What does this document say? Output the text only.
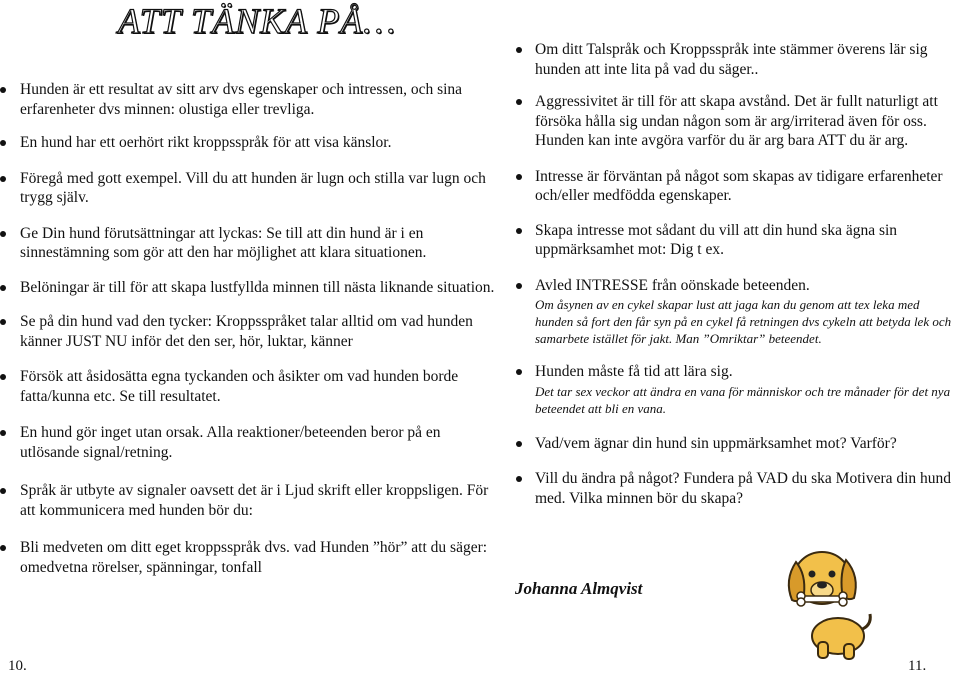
ATT TÄNKA PÅ…
Hunden är ett resultat av sitt arv dvs egenskaper och intressen, och sina erfarenheter dvs minnen: olustiga eller trevliga.
En hund har ett oerhört rikt kroppsspråk för att visa känslor.
Föregå med gott exempel. Vill du att hunden är lugn och stilla var lugn och trygg själv.
Ge Din hund förutsättningar att lyckas: Se till att din hund är i en sinnestämning som gör att den har möjlighet att klara situationen.
Belöningar är till för att skapa lustfyllda minnen till nästa liknande situation.
Se på din hund vad den tycker: Kroppsspråket talar alltid om vad hunden känner JUST NU inför det den ser, hör, luktar, känner
Försök att åsidosätta egna tyckanden och åsikter om vad hunden borde fatta/kunna etc. Se till resultatet.
En hund gör inget utan orsak. Alla reaktioner/beteenden beror på en utlösande signal/retning.
Språk är utbyte av signaler oavsett det är i Ljud skrift eller kroppsligen. För att kommunicera med hunden bör du:
Bli medveten om ditt eget kroppsspråk dvs. vad Hunden ”hör” att du säger: omedvetna rörelser, spänningar, tonfall
Om ditt Talspråk och Kroppsspråk inte stämmer överens lär sig hunden att inte lita på vad du säger..
Aggressivitet är till för att skapa avstånd. Det är fullt naturligt att försöka hålla sig undan någon som är arg/irriterad även för oss. Hunden kan inte avgöra varför du är arg bara ATT du är arg.
Intresse är förväntan på något som skapas av tidigare erfarenheter och/eller medfödda egenskaper.
Skapa intresse mot sådant du vill att din hund ska ägna sin uppmärksamhet mot: Dig t ex.
Avled INTRESSE från oönskade beteenden.
Om åsynen av en cykel skapar lust att jaga kan du genom att tex leka med hunden så fort den får syn på en cykel få retningen dvs cykeln att betyda lek och samarbete istället för jakt. Man ”Omriktar” beteendet.
Hunden måste få tid att lära sig.
Det tar sex veckor att ändra en vana för människor och tre månader för det nya beteendet att bli en vana.
Vad/vem ägnar din hund sin uppmärksamhet mot? Varför?
Vill du ändra på något? Fundera på VAD du ska Motivera din hund med. Vilka minnen bör du skapa?
Johanna Almqvist
10.	11.
